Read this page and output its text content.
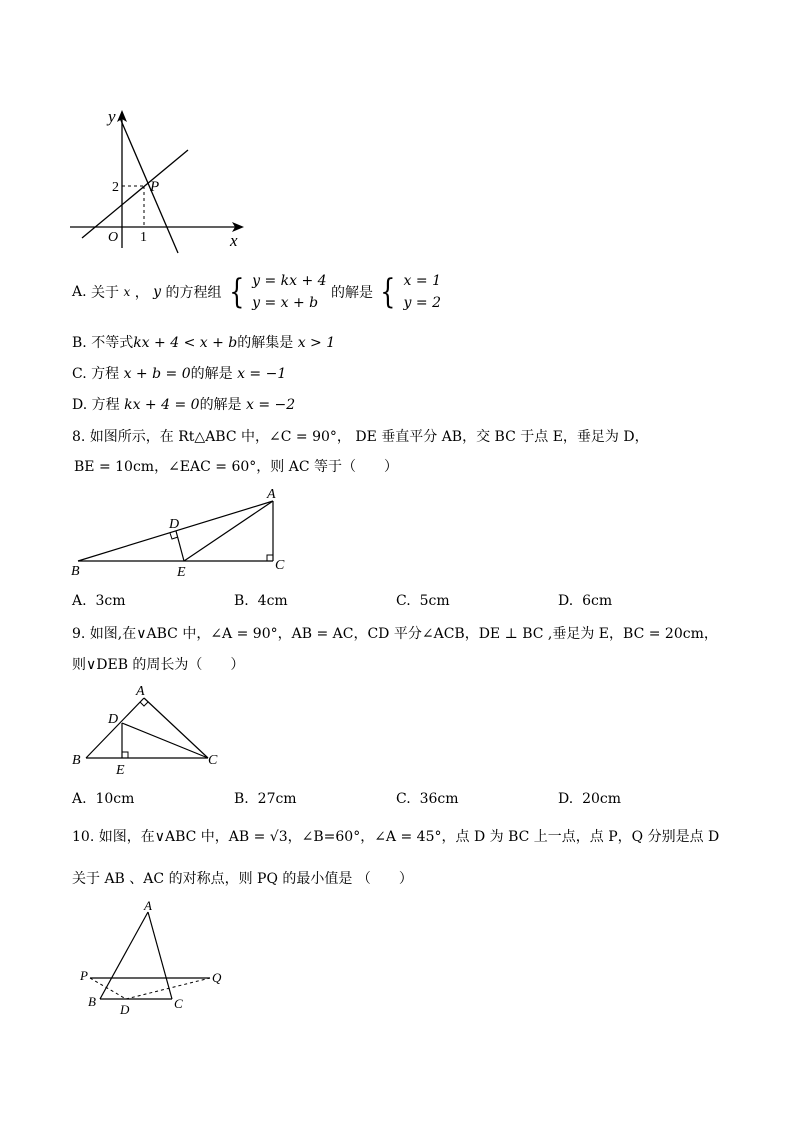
y
x
O
2
1
P
A. 关于 x ， y 的方程组 { y = kx + 4
y = x + b 的解是 { x = 1
y = 2
B. 不等式kx + 4 < x + b的解集是 x > 1
C. 方程 x + b = 0的解是 x = −1
D. 方程 kx + 4 = 0的解是 x = −2
8. 如图所示，在 Rt△ABC 中，∠C = 90°， DE 垂直平分 AB，交 BC 于点 E，垂足为 D，
BE = 10cm，∠EAC = 60°，则 AC 等于（　　）
A
B	C
D
E
A. 3cm	B. 4cm	C. 5cm	D. 6cm
9. 如图,在∨ABC 中，∠A = 90°，AB = AC，CD 平分∠ACB，DE ⊥ BC ,垂足为 E，BC = 20cm，
则∨DEB 的周长为（　　）
A
B	C
D
E
A. 10cm	B. 27cm	C. 36cm	D. 20cm
10. 如图，在∨ABC 中，AB = √3，∠B=60°，∠A = 45°，点 D 为 BC 上一点，点 P，Q 分别是点 D
关于 AB 、AC 的对称点，则 PQ 的最小值是 （　　）
A
B	C
D
P	Q
